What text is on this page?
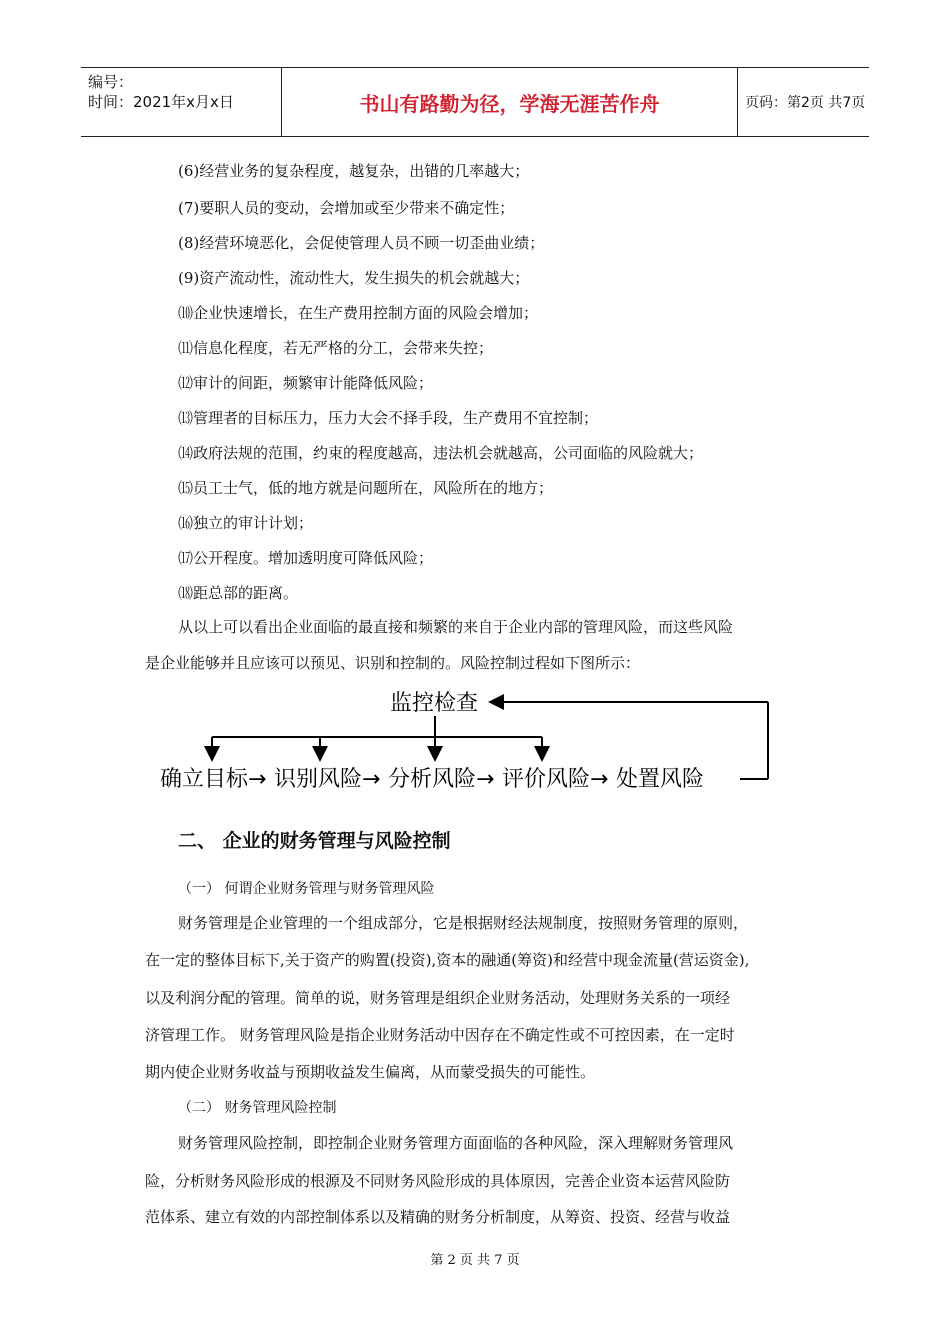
编号：
时间：2021年x月x日	书山有路勤为径，学海无涯苦作舟	页码：第2页 共7页
(6)经营业务的复杂程度，越复杂，出错的几率越大；
(7)要职人员的变动，会增加或至少带来不确定性；
(8)经营环境恶化，会促使管理人员不顾一切歪曲业绩；
(9)资产流动性，流动性大，发生损失的机会就越大；
⑽企业快速增长，在生产费用控制方面的风险会增加；
⑾信息化程度，若无严格的分工，会带来失控；
⑿审计的间距，频繁审计能降低风险；
⒀管理者的目标压力，压力大会不择手段，生产费用不宜控制；
⒁政府法规的范围，约束的程度越高，违法机会就越高，公司面临的风险就大；
⒂员工士气，低的地方就是问题所在，风险所在的地方；
⒃独立的审计计划；
⒄公开程度。增加透明度可降低风险；
⒅距总部的距离。
从以上可以看出企业面临的最直接和频繁的来自于企业内部的管理风险，而这些风险
是企业能够并且应该可以预见、识别和控制的。风险控制过程如下图所示：
监控检查
确立目标 → 识别风险 → 分析风险 → 评价风险 → 处置风险
二、 企业的财务管理与风险控制
（一） 何谓企业财务管理与财务管理风险
财务管理是企业管理的一个组成部分，它是根据财经法规制度，按照财务管理的原则，
在一定的整体目标下,关于资产的购置(投资),资本的融通(筹资)和经营中现金流量(营运资金),
以及利润分配的管理。简单的说，财务管理是组织企业财务活动，处理财务关系的一项经
济管理工作。 财务管理风险是指企业财务活动中因存在不确定性或不可控因素，在一定时
期内使企业财务收益与预期收益发生偏离，从而蒙受损失的可能性。
（二） 财务管理风险控制
财务管理风险控制，即控制企业财务管理方面面临的各种风险，深入理解财务管理风
险，分析财务风险形成的根源及不同财务风险形成的具体原因，完善企业资本运营风险防
范体系、建立有效的内部控制体系以及精确的财务分析制度，从筹资、投资、经营与收益
第 2 页 共 7 页
